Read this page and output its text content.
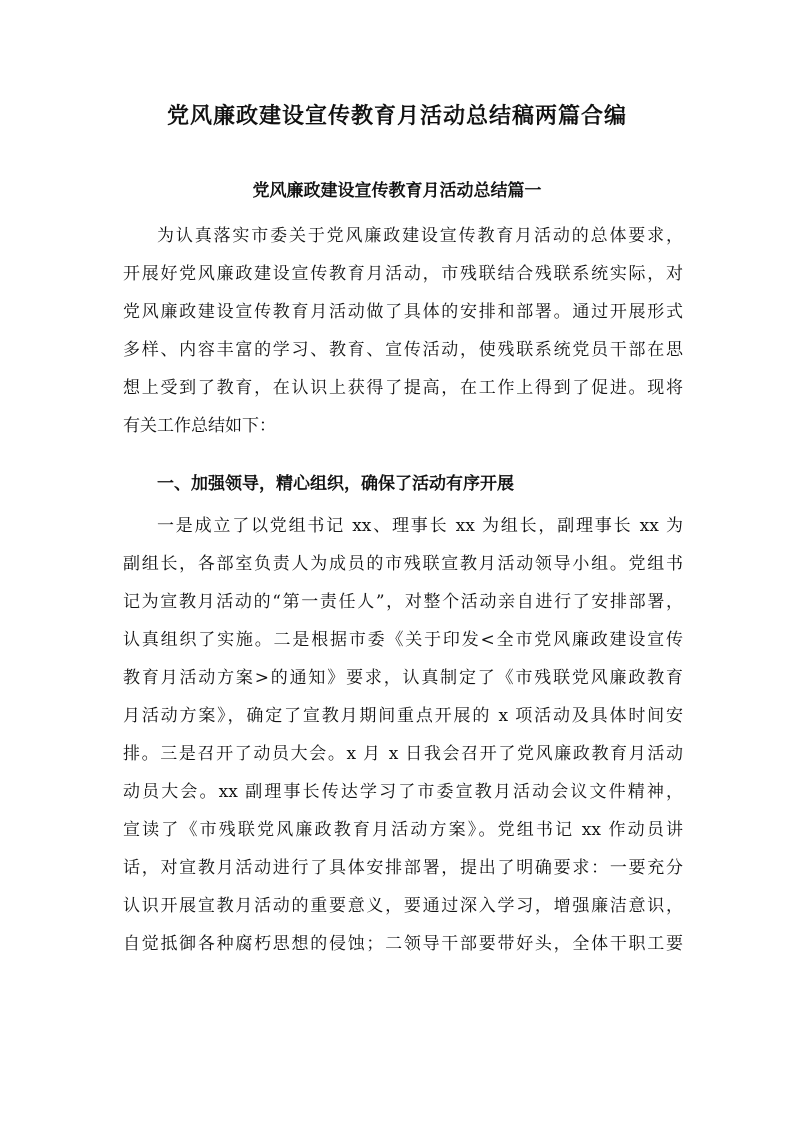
党风廉政建设宣传教育月活动总结稿两篇合编
党风廉政建设宣传教育月活动总结篇一
为认真落实市委关于党风廉政建设宣传教育月活动的总体要求，
开展好党风廉政建设宣传教育月活动，市残联结合残联系统实际，对
党风廉政建设宣传教育月活动做了具体的安排和部署。通过开展形式
多样、内容丰富的学习、教育、宣传活动，使残联系统党员干部在思
想上受到了教育，在认识上获得了提高，在工作上得到了促进。现将
有关工作总结如下：
一、加强领导，精心组织，确保了活动有序开展
一是成立了以党组书记 xx、理事长 xx 为组长，副理事长 xx 为
副组长，各部室负责人为成员的市残联宣教月活动领导小组。党组书
记为宣教月活动的“第一责任人”，对整个活动亲自进行了安排部署，
认真组织了实施。二是根据市委《关于印发<全市党风廉政建设宣传
教育月活动方案>的通知》要求，认真制定了《市残联党风廉政教育
月活动方案》，确定了宣教月期间重点开展的 x 项活动及具体时间安
排。三是召开了动员大会。x 月 x 日我会召开了党风廉政教育月活动
动员大会。xx 副理事长传达学习了市委宣教月活动会议文件精神，
宣读了《市残联党风廉政教育月活动方案》。党组书记 xx 作动员讲
话，对宣教月活动进行了具体安排部署，提出了明确要求：一要充分
认识开展宣教月活动的重要意义，要通过深入学习，增强廉洁意识，
自觉抵御各种腐朽思想的侵蚀；二领导干部要带好头，全体干职工要
